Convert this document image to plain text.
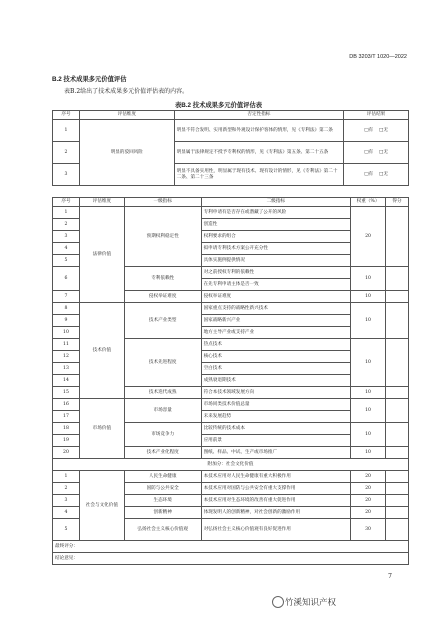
DB 3203/T 1020—2022
B.2 技术成果多元价值评估
表B.2给出了技术成果多元价值评估表的内容。
表B.2 技术成果多元价值评估表
序号	评估维度	否定性指标	评估结果
1	明显的驳回风险	明显不符合发明、实用新型和外观设计保护客体的情形，见《专利法》第二条	□有 □无
2		明显属于法律规定不授予专利权的情形，见《专利法》第五条、第二十五条	□有 □无
3		明显不具备实用性，明显属于现有技术、现有设计的情形，见《专利法》第二十二条、第二十三条	□有 □无
序号	评估维度	一级指标	二级指标	权重（%）	得分
1	法律价值	预期权利稳定性	专利申请有是否存在或潜藏了公开的风险	20	
2			创造性		
3			权利要求的组合		
4			拟申请专利技术方案公开充分性		
5			具体实施例提供情况		
6		专利依赖性	对之前授权专利的依赖性	10	
			在先专利申请主体是否一致		
7		侵权举证难度	侵权举证难度	10	
8	技术价值	技术产业类型	国家重点支持的战略性新兴技术	10	
9			国家战略新兴产业		
10			地方主导产业或支持产业		
11		技术先进程度	热点技术	10	
12			核心技术		
13			空白技术		
14			成熟衰退期技术		
15		技术迭代成熟	符合本技术领域发展方向	10	
16	市场价值	市场容量	市场同类技术价值总量	10	
17			未来发展趋势		
18		市场竞争力	比较传统的技术成本	10	
19			应用前景		
20		技术产业化程度	图纸、样品、中试、生产或市场推广	10	
附加分：社会文化价值					
1	社会与文化价值	人民生命健康	本技术应用对人民生命健康有重大积极作用	20	
2		国防与公共安全	本技术应用对国防与公共安全有重大支撑作用	20	
3		生态环境	本技术应用对生态环境的改善有重大促进作用	20	
4		创新精神	体现发明人的创新精神，对社会创新的激励作用	20	
5		弘扬社会主义核心价值观	对弘扬社会主义核心价值观有良好促进作用	30	
最终评分：					
结论意见：					
7
竹溪知识产权
